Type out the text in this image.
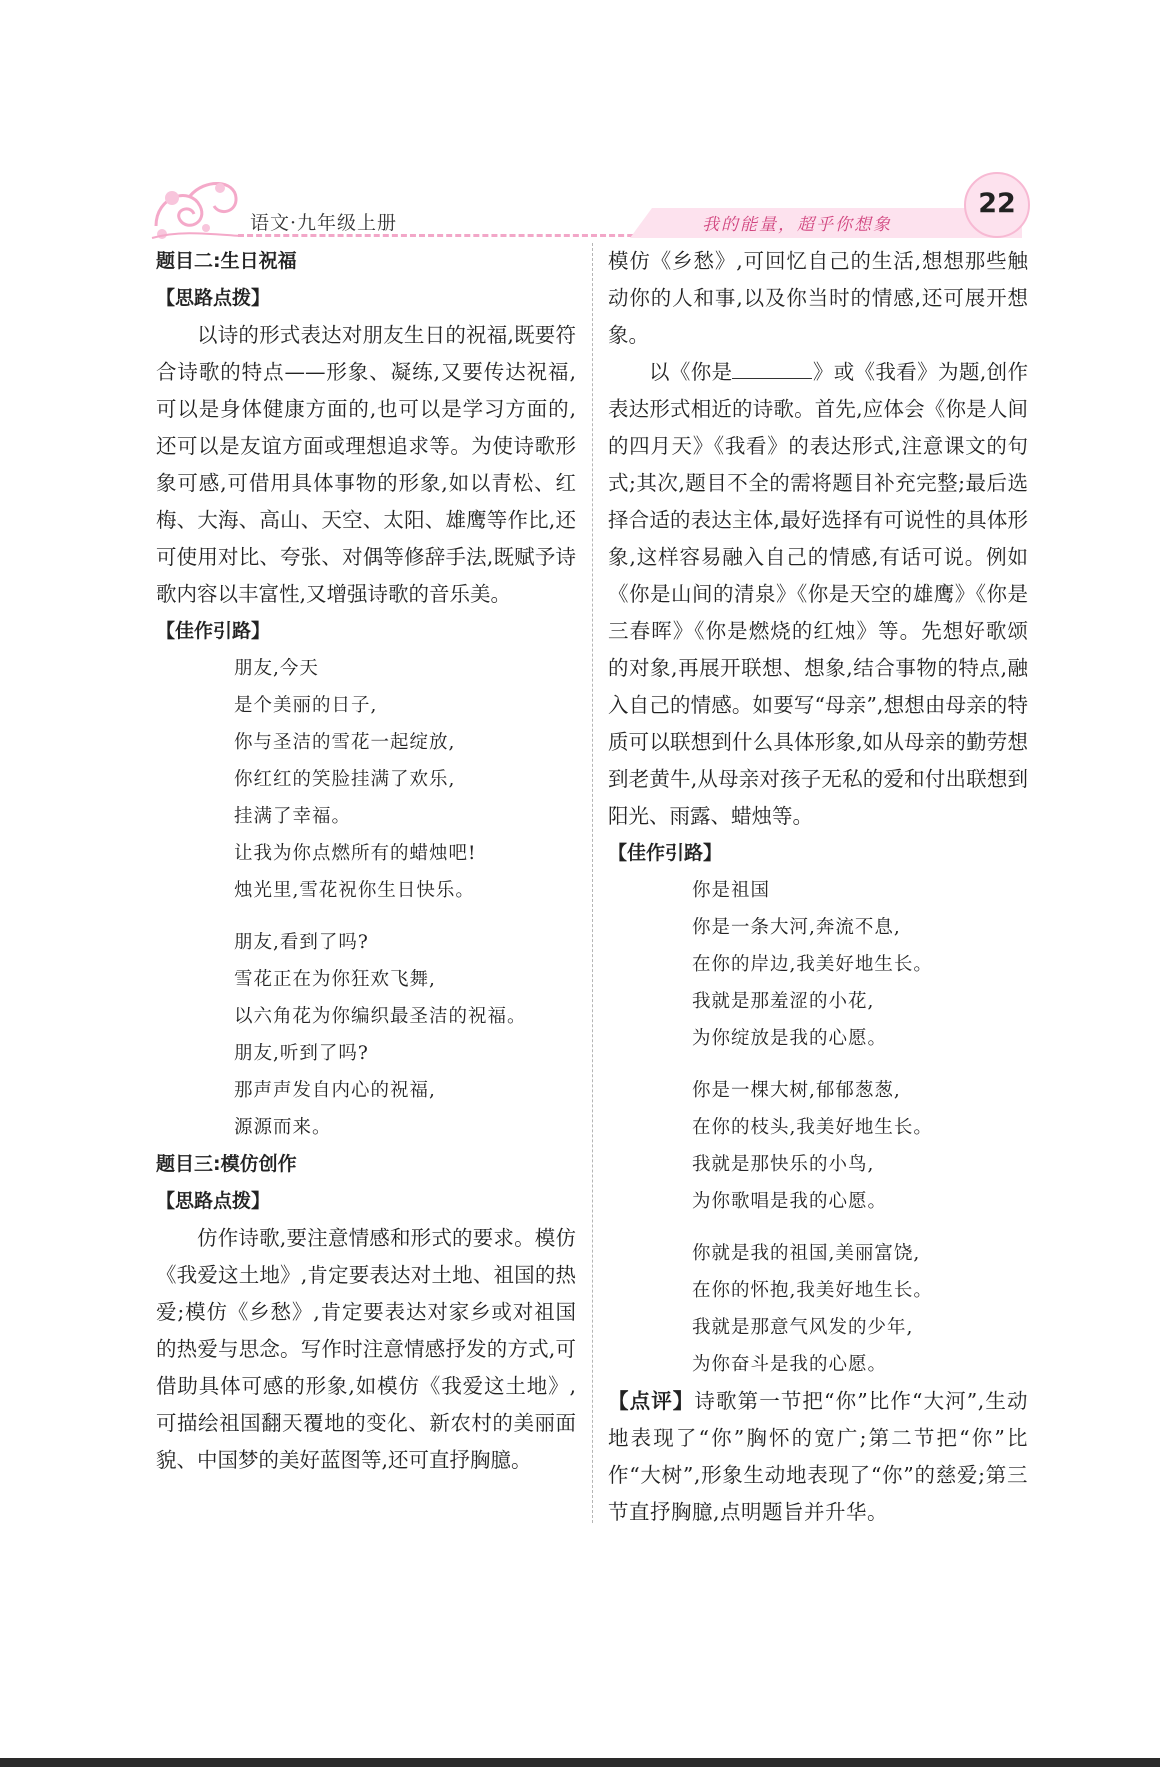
语文·九年级上册	我的能量，超乎你想象
22
题目二:生日祝福
【思路点拨】

以诗的形式表达对朋友生日的祝福,既要符合诗歌的特点——形象、凝练,又要传达祝福,可以是身体健康方面的,也可以是学习方面的,还可以是友谊方面或理想追求等。为使诗歌形象可感,可借用具体事物的形象,如以青松、红梅、大海、高山、天空、太阳、雄鹰等作比,还可使用对比、夸张、对偶等修辞手法,既赋予诗歌内容以丰富性,又增强诗歌的音乐美。

【佳作引路】
朋友,今天
是个美丽的日子,
你与圣洁的雪花一起绽放,
你红红的笑脸挂满了欢乐,
挂满了幸福。
让我为你点燃所有的蜡烛吧!
烛光里,雪花祝你生日快乐。
朋友,看到了吗?
雪花正在为你狂欢飞舞,
以六角花为你编织最圣洁的祝福。
朋友,听到了吗?
那声声发自内心的祝福,
源源而来。
题目三:模仿创作
【思路点拨】

仿作诗歌,要注意情感和形式的要求。模仿《我爱这土地》,肯定要表达对土地、祖国的热爱;模仿《乡愁》,肯定要表达对家乡或对祖国的热爱与思念。写作时注意情感抒发的方式,可借助具体可感的形象,如模仿《我爱这土地》,可描绘祖国翻天覆地的变化、新农村的美丽面貌、中国梦的美好蓝图等,还可直抒胸臆。

模仿《乡愁》,可回忆自己的生活,想想那些触动你的人和事,以及你当时的情感,还可展开想象。

以《你是	》或《我看》为题,创作表达形式相近的诗歌。首先,应体会《你是人间的四月天》《我看》的表达形式,注意课文的句式;其次,题目不全的需将题目补充完整;最后选择合适的表达主体,最好选择有可说性的具体形象,这样容易融入自己的情感,有话可说。例如《你是山间的清泉》《你是天空的雄鹰》《你是三春晖》《你是燃烧的红烛》等。先想好歌颂的对象,再展开联想、想象,结合事物的特点,融入自己的情感。如要写“母亲”,想想由母亲的特质可以联想到什么具体形象,如从母亲的勤劳想到老黄牛,从母亲对孩子无私的爱和付出联想到阳光、雨露、蜡烛等。

【佳作引路】
你是祖国
你是一条大河,奔流不息,
在你的岸边,我美好地生长。
我就是那羞涩的小花,
为你绽放是我的心愿。
你是一棵大树,郁郁葱葱,
在你的枝头,我美好地生长。
我就是那快乐的小鸟,
为你歌唱是我的心愿。
你就是我的祖国,美丽富饶,
在你的怀抱,我美好地生长。
我就是那意气风发的少年,
为你奋斗是我的心愿。

【点评】诗歌第一节把“你”比作“大河”,生动地表现了“你”胸怀的宽广;第二节把“你”比作“大树”,形象生动地表现了“你”的慈爱;第三节直抒胸臆,点明题旨并升华。
